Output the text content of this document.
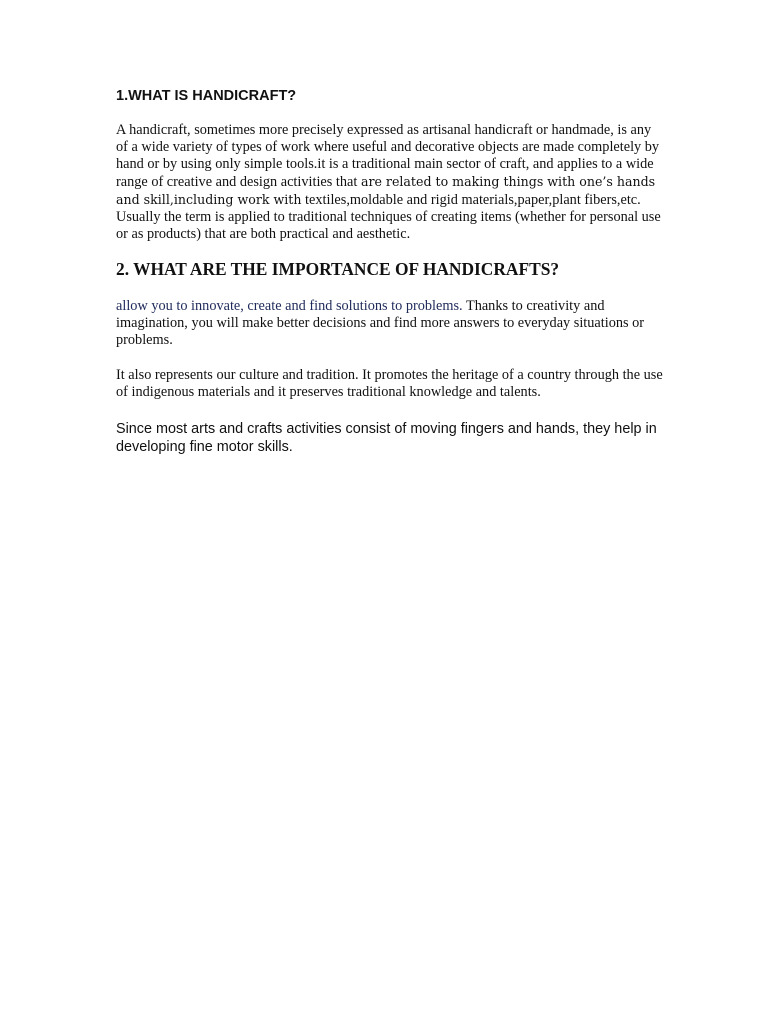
1.WHAT IS HANDICRAFT?

A handicraft, sometimes more precisely expressed as artisanal handicraft or handmade, is any of a wide variety of types of work where useful and decorative objects are made completely by hand or by using only simple tools.it is a traditional main sector of craft, and applies to a wide range of creative and design activities that are related to making things with one’s hands and skill,including work with textiles,moldable and rigid materials,paper,plant fibers,etc. Usually the term is applied to traditional techniques of creating items (whether for personal use or as products) that are both practical and aesthetic.

2. WHAT ARE THE IMPORTANCE OF HANDICRAFTS?

allow you to innovate, create and find solutions to problems. Thanks to creativity and imagination, you will make better decisions and find more answers to everyday situations or problems.

It also represents our culture and tradition. It promotes the heritage of a country through the use of indigenous materials and it preserves traditional knowledge and talents.

Since most arts and crafts activities consist of moving fingers and hands, they help in developing fine motor skills.
